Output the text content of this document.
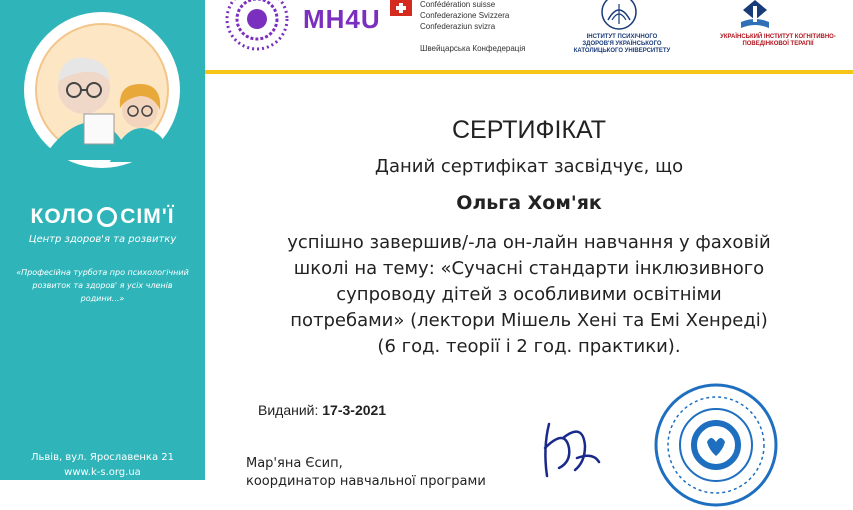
КОЛО СІМ'Ї
Центр здоров'я та розвитку
«Професійна турбота про психологічний розвиток та здоров' я усіх членів родини...»
Львів, вул. Ярославенка 21
www.k-s.org.ua
MH4U	Confédération suisse
Confederazione Svizzera
Confederaziun svizra
Швейцарська Конфедерація
ІНСТИТУТ ПСИХІЧНОГО ЗДОРОВ'Я УКРАЇНСЬКОГО КАТОЛИЦЬКОГО УНІВЕРСИТЕТУ
УКРАЇНСЬКИЙ ІНСТИТУТ КОГНІТИВНО-ПОВЕДІНКОВОЇ ТЕРАПІЇ
СЕРТИФІКАТ
Даний сертифікат засвідчує, що
Ольга Хом'як
успішно завершив/-ла он-лайн навчання у фаховій
школі на тему: «Сучасні стандарти інклюзивного
супроводу дітей з особливими освітніми
потребами» (лектори Мішель Хені та Емі Хенреді)
(6 год. теорії і 2 год. практики).
Виданий: 17-3-2021
Мар'яна Єсип,
координатор навчальної програми
